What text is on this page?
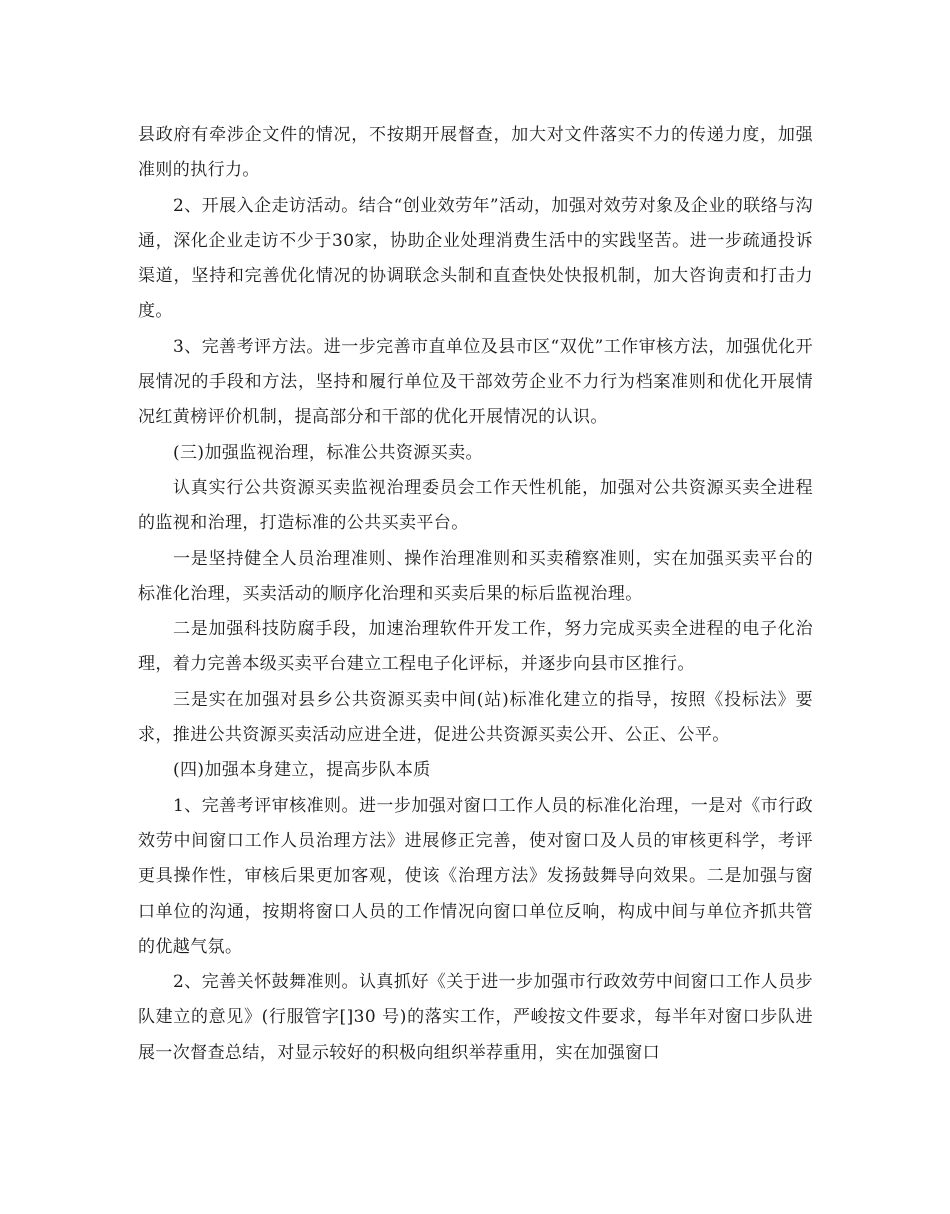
县政府有牵涉企文件的情况，不按期开展督查，加大对文件落实不力的传递力度，加强准则的执行力。

2、开展入企走访活动。结合“创业效劳年”活动，加强对效劳对象及企业的联络与沟通，深化企业走访不少于30家，协助企业处理消费生活中的实践坚苦。进一步疏通投诉渠道，坚持和完善优化情况的协调联念头制和直查快处快报机制，加大咨询责和打击力度。

3、完善考评方法。进一步完善市直单位及县市区“双优”工作审核方法，加强优化开展情况的手段和方法，坚持和履行单位及干部效劳企业不力行为档案准则和优化开展情况红黄榜评价机制，提高部分和干部的优化开展情况的认识。

(三)加强监视治理，标准公共资源买卖。

认真实行公共资源买卖监视治理委员会工作天性机能，加强对公共资源买卖全进程的监视和治理，打造标准的公共买卖平台。

一是坚持健全人员治理准则、操作治理准则和买卖稽察准则，实在加强买卖平台的标准化治理，买卖活动的顺序化治理和买卖后果的标后监视治理。

二是加强科技防腐手段，加速治理软件开发工作，努力完成买卖全进程的电子化治理，着力完善本级买卖平台建立工程电子化评标，并逐步向县市区推行。

三是实在加强对县乡公共资源买卖中间(站)标准化建立的指导，按照《投标法》要求，推进公共资源买卖活动应进全进，促进公共资源买卖公开、公正、公平。

(四)加强本身建立，提高步队本质

1、完善考评审核准则。进一步加强对窗口工作人员的标准化治理，一是对《市行政效劳中间窗口工作人员治理方法》进展修正完善，使对窗口及人员的审核更科学，考评更具操作性，审核后果更加客观，使该《治理方法》发扬鼓舞导向效果。二是加强与窗口单位的沟通，按期将窗口人员的工作情况向窗口单位反响，构成中间与单位齐抓共管的优越气氛。

2、完善关怀鼓舞准则。认真抓好《关于进一步加强市行政效劳中间窗口工作人员步队建立的意见》(行服管字[]30 号)的落实工作，严峻按文件要求，每半年对窗口步队进展一次督查总结，对显示较好的积极向组织举荐重用，实在加强窗口
